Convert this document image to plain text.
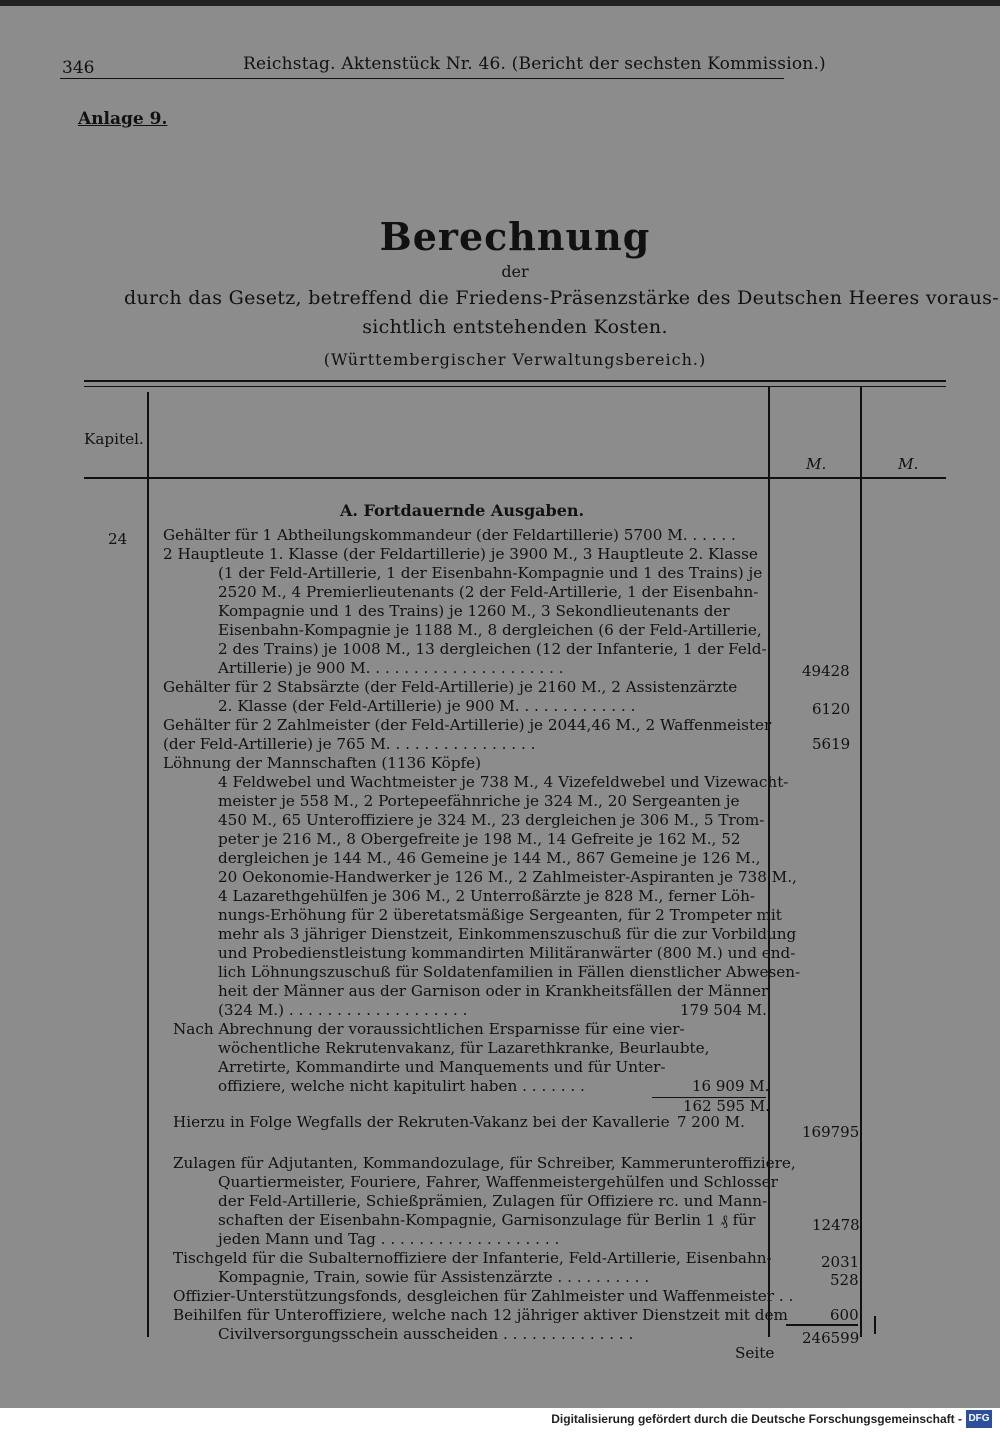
346	Reichstag. Aktenstück Nr. 46. (Bericht der sechsten Kommission.)
Anlage 9.
Berechnung
der
durch das Gesetz, betreffend die Friedens-Präsenzstärke des Deutschen Heeres voraus-
sichtlich entstehenden Kosten.
(Württembergischer Verwaltungsbereich.)
Kapitel.
M.	M.
A. Fortdauernde Ausgaben.
24 Gehälter für 1 Abtheilungskommandeur (der Feldartillerie) 5700 M. . . . . .
2 Hauptleute 1. Klasse (der Feldartillerie) je 3900 M., 3 Hauptleute 2. Klasse
(1 der Feld-Artillerie, 1 der Eisenbahn-Kompagnie und 1 des Trains) je
2520 M., 4 Premierlieutenants (2 der Feld-Artillerie, 1 der Eisenbahn-
Kompagnie und 1 des Trains) je 1260 M., 3 Sekondlieutenants der
Eisenbahn-Kompagnie je 1188 M., 8 dergleichen (6 der Feld-Artillerie,
2 des Trains) je 1008 M., 13 dergleichen (12 der Infanterie, 1 der Feld-
Artillerie) je 900 M. . . . . . . . . . . . . . . . . . . . .
Gehälter für 2 Stabsärzte (der Feld-Artillerie) je 2160 M., 2 Assistenzärzte
2. Klasse (der Feld-Artillerie) je 900 M. . . . . . . . . . . . .
Gehälter für 2 Zahlmeister (der Feld-Artillerie) je 2044,46 M., 2 Waffenmeister
(der Feld-Artillerie) je 765 M. . . . . . . . . . . . . . . .
Löhnung der Mannschaften (1136 Köpfe)
4 Feldwebel und Wachtmeister je 738 M., 4 Vizefeldwebel und Vizewacht-
meister je 558 M., 2 Portepeefähnriche je 324 M., 20 Sergeanten je
450 M., 65 Unteroffiziere je 324 M., 23 dergleichen je 306 M., 5 Trom-
peter je 216 M., 8 Obergefreite je 198 M., 14 Gefreite je 162 M., 52
dergleichen je 144 M., 46 Gemeine je 144 M., 867 Gemeine je 126 M.,
20 Oekonomie-Handwerker je 126 M., 2 Zahlmeister-Aspiranten je 738 M.,
4 Lazarethgehülfen je 306 M., 2 Unterroßärzte je 828 M., ferner Löh-
nungs-Erhöhung für 2 überetatsmäßige Sergeanten, für 2 Trompeter mit
mehr als 3 jähriger Dienstzeit, Einkommenszuschuß für die zur Vorbildung
und Probedienstleistung kommandirten Militäranwärter (800 M.) und end-
lich Löhnungszuschuß für Soldatenfamilien in Fällen dienstlicher Abwesen-
heit der Männer aus der Garnison oder in Krankheitsfällen der Männer
(324 M.) . . . . . . . . . . . . . . . . . . .
Nach Abrechnung der voraussichtlichen Ersparnisse für eine vier-
wöchentliche Rekrutenvakanz, für Lazarethkranke, Beurlaubte,
Arretirte, Kommandirte und Manquements und für Unter-
offiziere, welche nicht kapitulirt haben . . . . . . .
Hierzu in Folge Wegfalls der Rekruten-Vakanz bei der Kavallerie
Zulagen für Adjutanten, Kommandozulage, für Schreiber, Kammerunteroffiziere,
Quartiermeister, Fouriere, Fahrer, Waffenmeistergehülfen und Schlosser
der Feld-Artillerie, Schießprämien, Zulagen für Offiziere rc. und Mann-
schaften der Eisenbahn-Kompagnie, Garnisonzulage für Berlin 1 ₰ für
jeden Mann und Tag . . . . . . . . . . . . . . . . . . .
Tischgeld für die Subalternoffiziere der Infanterie, Feld-Artillerie, Eisenbahn-
Kompagnie, Train, sowie für Assistenzärzte . . . . . . . . . .
Offizier-Unterstützungsfonds, desgleichen für Zahlmeister und Waffenmeister . .
Beihilfen für Unteroffiziere, welche nach 12 jähriger aktiver Dienstzeit mit dem
Civilversorgungsschein ausscheiden . . . . . . . . . . . . . .
Seite
179 504 M.
16 909 M.
162 595 M.
7 200 M.
49428
6120
5619
169795
12478
2031
528
600
246599
Digitalisierung gefördert durch die Deutsche Forschungsgemeinschaft - DFG
